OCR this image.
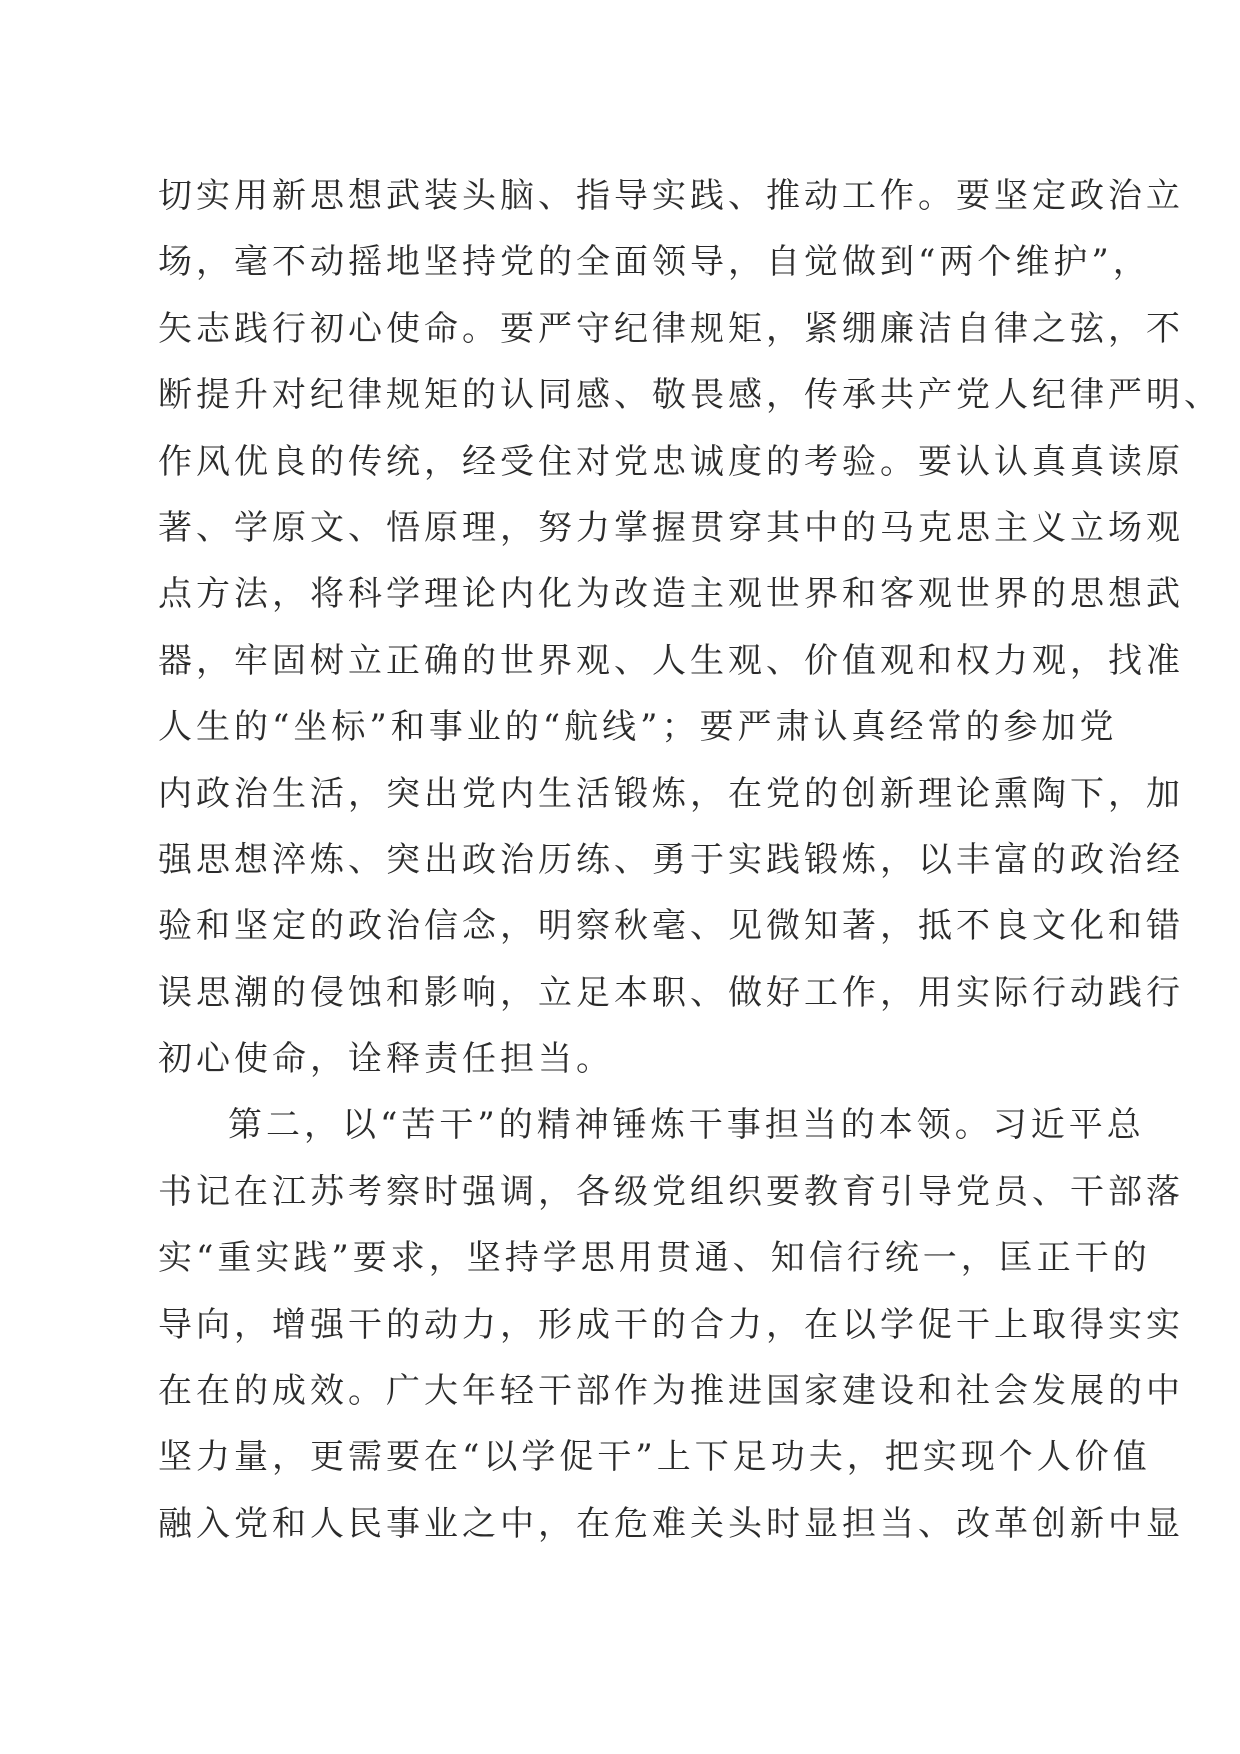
切实用新思想武装头脑、指导实践、推动工作。要坚定政治立
场，毫不动摇地坚持党的全面领导，自觉做到“两个维护”，
矢志践行初心使命。要严守纪律规矩，紧绷廉洁自律之弦，不
断提升对纪律规矩的认同感、敬畏感，传承共产党人纪律严明、
作风优良的传统，经受住对党忠诚度的考验。要认认真真读原
著、学原文、悟原理，努力掌握贯穿其中的马克思主义立场观
点方法，将科学理论内化为改造主观世界和客观世界的思想武
器，牢固树立正确的世界观、人生观、价值观和权力观，找准
人生的“坐标”和事业的“航线”；要严肃认真经常的参加党
内政治生活，突出党内生活锻炼，在党的创新理论熏陶下，加
强思想淬炼、突出政治历练、勇于实践锻炼，以丰富的政治经
验和坚定的政治信念，明察秋毫、见微知著，抵不良文化和错
误思潮的侵蚀和影响，立足本职、做好工作，用实际行动践行
初心使命，诠释责任担当。
第二，以“苦干”的精神锤炼干事担当的本领。习近平总
书记在江苏考察时强调，各级党组织要教育引导党员、干部落
实“重实践”要求，坚持学思用贯通、知信行统一，匡正干的
导向，增强干的动力，形成干的合力，在以学促干上取得实实
在在的成效。广大年轻干部作为推进国家建设和社会发展的中
坚力量，更需要在“以学促干”上下足功夫，把实现个人价值
融入党和人民事业之中，在危难关头时显担当、改革创新中显
